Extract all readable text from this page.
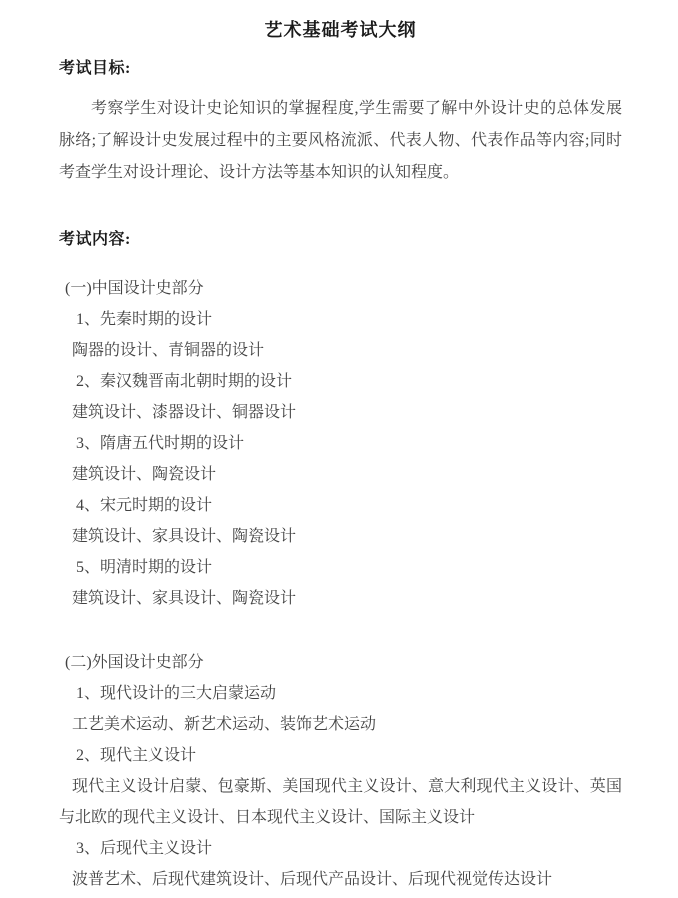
艺术基础考试大纲
考试目标:
考察学生对设计史论知识的掌握程度,学生需要了解中外设计史的总体发展脉络;了解设计史发展过程中的主要风格流派、代表人物、代表作品等内容;同时考查学生对设计理论、设计方法等基本知识的认知程度。
考试内容:
(一)中国设计史部分
1、先秦时期的设计
陶器的设计、青铜器的设计
2、秦汉魏晋南北朝时期的设计
建筑设计、漆器设计、铜器设计
3、隋唐五代时期的设计
建筑设计、陶瓷设计
4、宋元时期的设计
建筑设计、家具设计、陶瓷设计
5、明清时期的设计
建筑设计、家具设计、陶瓷设计
(二)外国设计史部分
1、现代设计的三大启蒙运动
工艺美术运动、新艺术运动、装饰艺术运动
2、现代主义设计
现代主义设计启蒙、包豪斯、美国现代主义设计、意大利现代主义设计、英国与北欧的现代主义设计、日本现代主义设计、国际主义设计
3、后现代主义设计
波普艺术、后现代建筑设计、后现代产品设计、后现代视觉传达设计
